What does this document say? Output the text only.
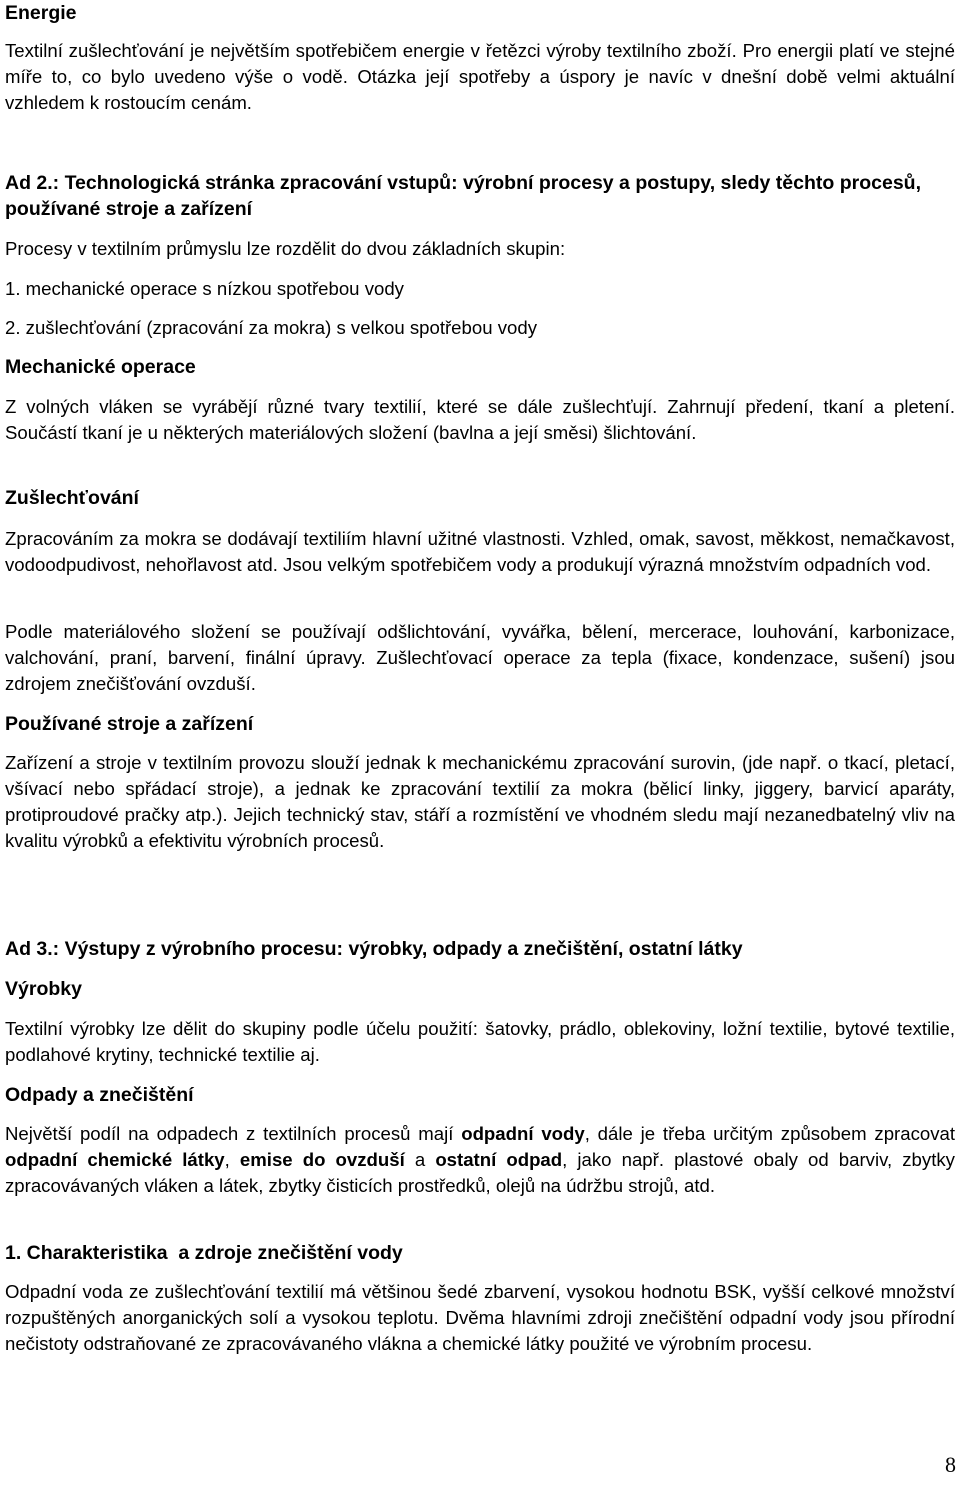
Energie

Textilní zušlechťování je největším spotřebičem energie v řetězci výroby textilního zboží. Pro energii platí ve stejné míře to, co bylo uvedeno výše o vodě. Otázka její spotřeby a úspory je navíc v dnešní době velmi aktuální vzhledem k rostoucím cenám.

Ad 2.: Technologická stránka zpracování vstupů: výrobní procesy a postupy, sledy těchto procesů, používané stroje a zařízení

Procesy v textilním průmyslu lze rozdělit do dvou základních skupin:

1. mechanické operace s nízkou spotřebou vody

2. zušlechťování (zpracování za mokra) s velkou spotřebou vody

Mechanické operace

Z volných vláken se vyrábějí různé tvary textilií, které se dále zušlechťují. Zahrnují předení, tkaní a pletení. Součástí tkaní je u některých materiálových složení (bavlna a její směsi) šlichtování.

Zušlechťování

Zpracováním za mokra se dodávají textiliím hlavní užitné vlastnosti. Vzhled, omak, savost, měkkost, nemačkavost, vodoodpudivost, nehořlavost atd. Jsou velkým spotřebičem vody a produkují výrazná množstvím odpadních vod.

Podle materiálového složení se používají odšlichtování, vyvářka, bělení, mercerace, louhování, karbonizace, valchování, praní, barvení, finální úpravy. Zušlechťovací operace za tepla (fixace, kondenzace, sušení) jsou zdrojem znečišťování ovzduší.

Používané stroje a zařízení

Zařízení a stroje v textilním provozu slouží jednak k mechanickému zpracování surovin, (jde např. o tkací, pletací, všívací nebo spřádací stroje), a jednak ke zpracování textilií za mokra (bělicí linky, jiggery, barvicí aparáty, protiproudové pračky atp.). Jejich technický stav, stáří a rozmístění ve vhodném sledu mají nezanedbatelný vliv na kvalitu výrobků a efektivitu výrobních procesů.

Ad 3.: Výstupy z výrobního procesu: výrobky, odpady a znečištění, ostatní látky
Výrobky

Textilní výrobky lze dělit do skupiny podle účelu použití: šatovky, prádlo, oblekoviny, ložní textilie, bytové textilie, podlahové krytiny, technické textilie aj.

Odpady a znečištění

Největší podíl na odpadech z textilních procesů mají odpadní vody, dále je třeba určitým způsobem zpracovat odpadní chemické látky, emise do ovzduší a ostatní odpad, jako např. plastové obaly od barviv, zbytky zpracovávaných vláken a látek, zbytky čisticích prostředků, olejů na údržbu strojů, atd.

1. Charakteristika  a zdroje znečištění vody

Odpadní voda ze zušlechťování textilií má většinou šedé zbarvení, vysokou hodnotu BSK, vyšší celkové množství rozpuštěných anorganických solí a vysokou teplotu. Dvěma hlavními zdroji znečištění odpadní vody jsou přírodní nečistoty odstraňované ze zpracovávaného vlákna a chemické látky použité ve výrobním procesu.

8
